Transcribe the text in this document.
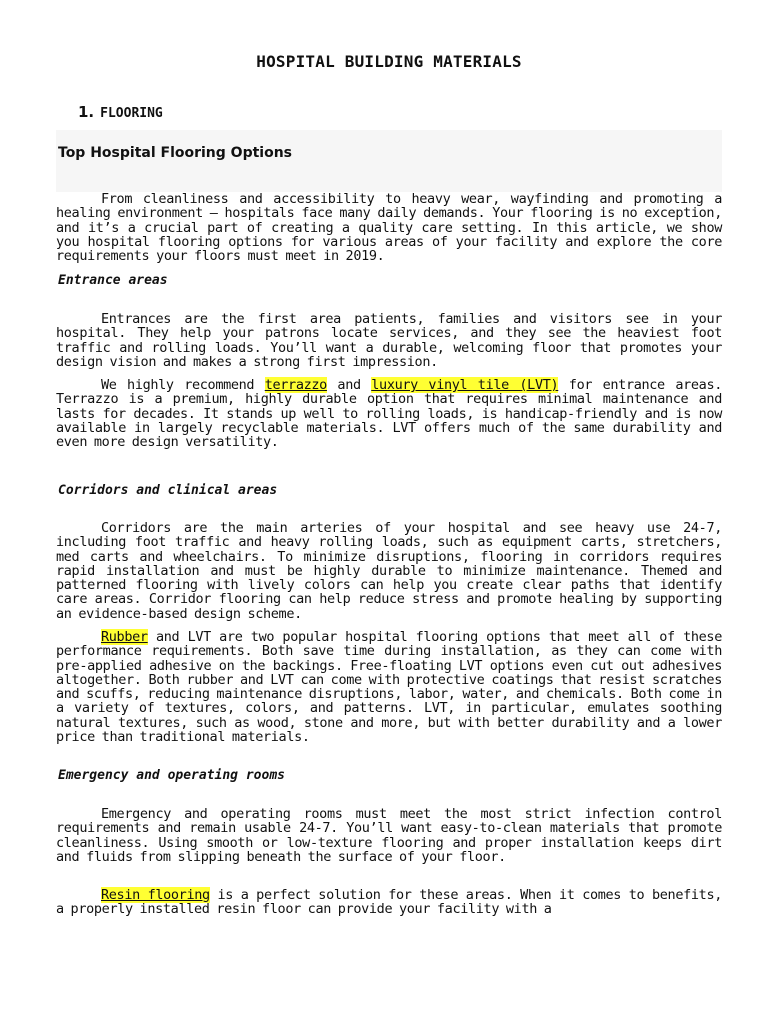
HOSPITAL BUILDING MATERIALS
1. FLOORING
Top Hospital Flooring Options

From cleanliness and accessibility to heavy wear, wayfinding and promoting a healing environment — hospitals face many daily demands. Your flooring is no exception, and it’s a crucial part of creating a quality care setting. In this article, we show you hospital flooring options for various areas of your facility and explore the core requirements your floors must meet in 2019.

Entrance areas

Entrances are the first area patients, families and visitors see in your hospital. They help your patrons locate services, and they see the heaviest foot traffic and rolling loads. You’ll want a durable, welcoming floor that promotes your design vision and makes a strong first impression.

We highly recommend terrazzo and luxury vinyl tile (LVT) for entrance areas. Terrazzo is a premium, highly durable option that requires minimal maintenance and lasts for decades. It stands up well to rolling loads, is handicap-friendly and is now available in largely recyclable materials. LVT offers much of the same durability and even more design versatility.

Corridors and clinical areas

Corridors are the main arteries of your hospital and see heavy use 24-7, including foot traffic and heavy rolling loads, such as equipment carts, stretchers, med carts and wheelchairs. To minimize disruptions, flooring in corridors requires rapid installation and must be highly durable to minimize maintenance. Themed and patterned flooring with lively colors can help you create clear paths that identify care areas. Corridor flooring can help reduce stress and promote healing by supporting an evidence-based design scheme.

Rubber and LVT are two popular hospital flooring options that meet all of these performance requirements. Both save time during installation, as they can come with pre-applied adhesive on the backings. Free-floating LVT options even cut out adhesives altogether. Both rubber and LVT can come with protective coatings that resist scratches and scuffs, reducing maintenance disruptions, labor, water, and chemicals. Both come in a variety of textures, colors, and patterns. LVT, in particular, emulates soothing natural textures, such as wood, stone and more, but with better durability and a lower price than traditional materials.

Emergency and operating rooms

Emergency and operating rooms must meet the most strict infection control requirements and remain usable 24-7. You’ll want easy-to-clean materials that promote cleanliness. Using smooth or low-texture flooring and proper installation keeps dirt and fluids from slipping beneath the surface of your floor.

Resin flooring is a perfect solution for these areas. When it comes to benefits, a properly installed resin floor can provide your facility with a
